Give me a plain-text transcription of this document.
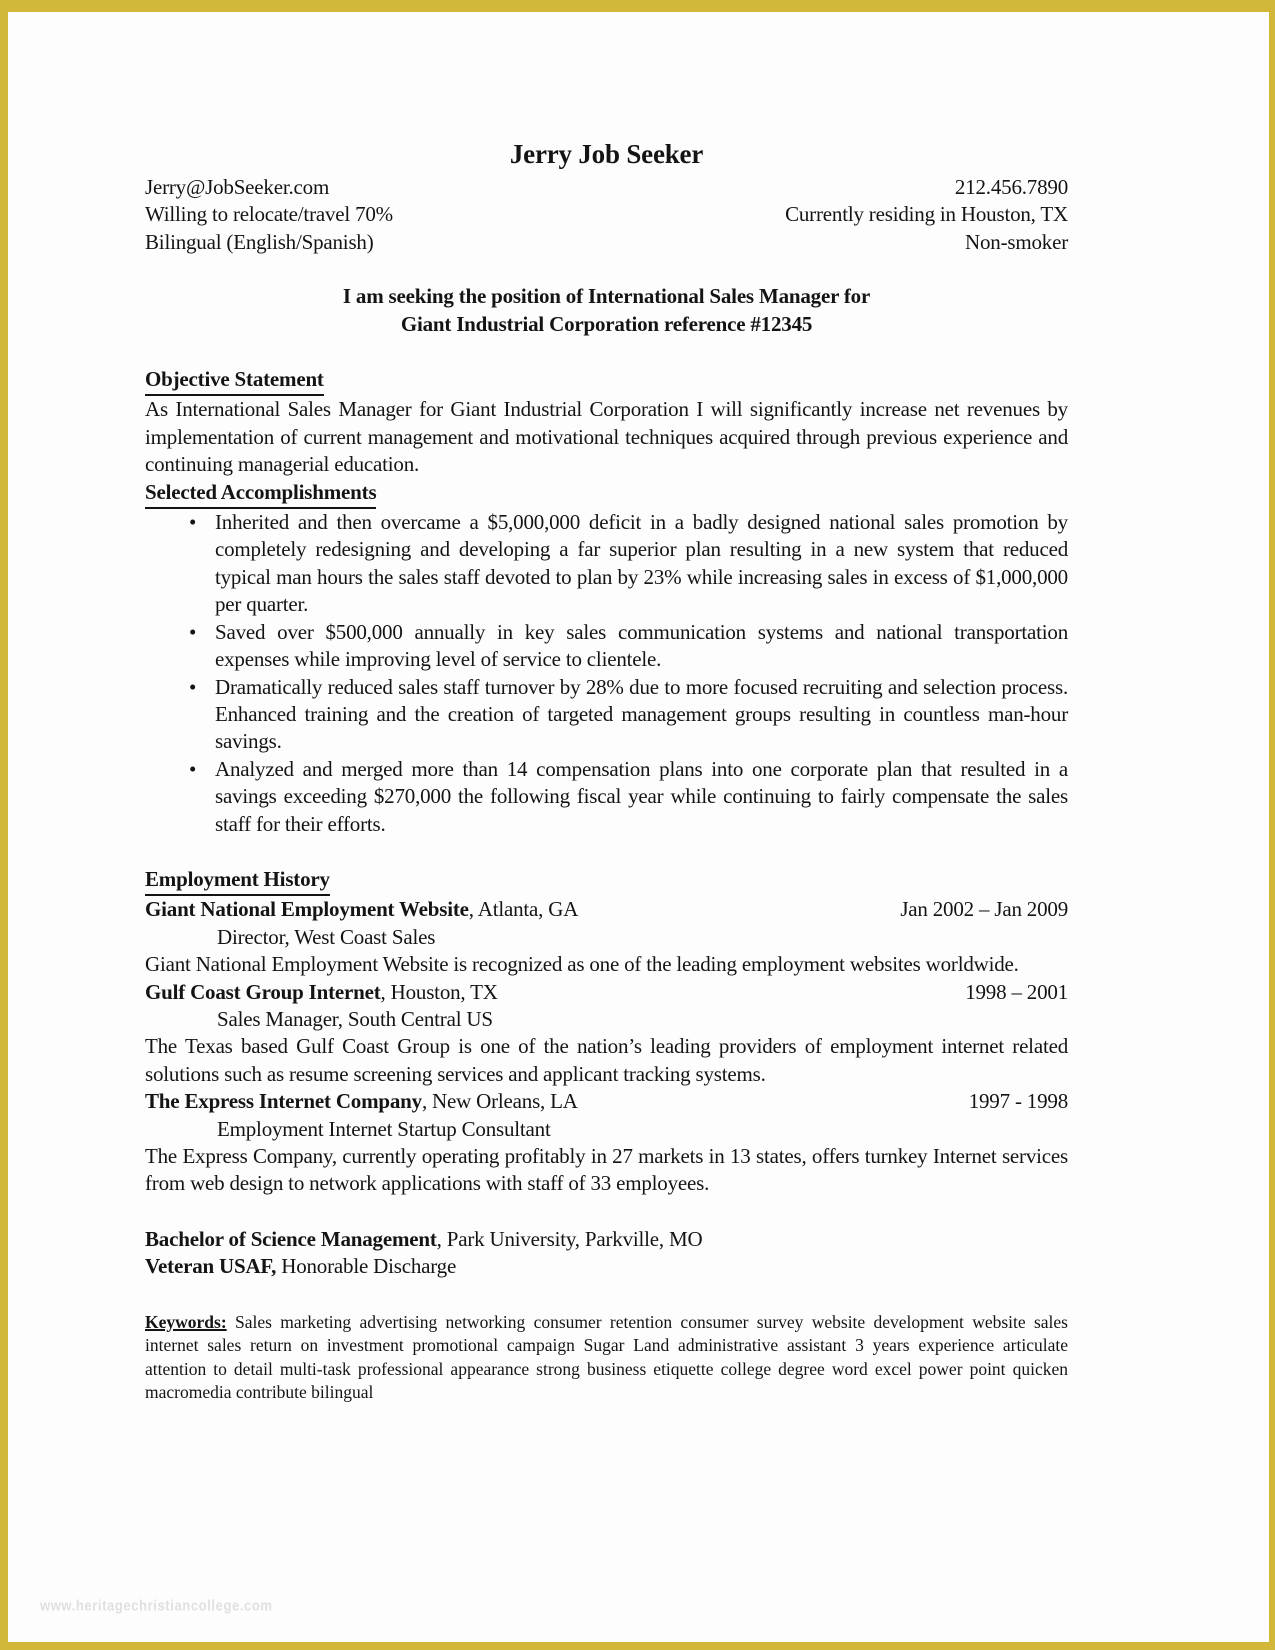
Jerry Job Seeker
Jerry@JobSeeker.com	212.456.7890
Willing to relocate/travel 70%	Currently residing in Houston, TX
Bilingual (English/Spanish)	Non-smoker
I am seeking the position of International Sales Manager for
Giant Industrial Corporation reference #12345
Objective Statement

As International Sales Manager for Giant Industrial Corporation I will significantly increase net revenues by implementation of current management and motivational techniques acquired through previous experience and continuing managerial education.

Selected Accomplishments
• Inherited and then overcame a $5,000,000 deficit in a badly designed national sales promotion by completely redesigning and developing a far superior plan resulting in a new system that reduced typical man hours the sales staff devoted to plan by 23% while increasing sales in excess of $1,000,000 per quarter.
• Saved over $500,000 annually in key sales communication systems and national transportation expenses while improving level of service to clientele.
• Dramatically reduced sales staff turnover by 28% due to more focused recruiting and selection process. Enhanced training and the creation of targeted management groups resulting in countless man-hour savings.
• Analyzed and merged more than 14 compensation plans into one corporate plan that resulted in a savings exceeding $270,000 the following fiscal year while continuing to fairly compensate the sales staff for their efforts.
Employment History
Giant National Employment Website, Atlanta, GA	Jan 2002 – Jan 2009
Director, West Coast Sales

Giant National Employment Website is recognized as one of the leading employment websites worldwide.

Gulf Coast Group Internet, Houston, TX	1998 – 2001
Sales Manager, South Central US

The Texas based Gulf Coast Group is one of the nation’s leading providers of employment internet related solutions such as resume screening services and applicant tracking systems.

The Express Internet Company, New Orleans, LA	1997 - 1998
Employment Internet Startup Consultant

The Express Company, currently operating profitably in 27 markets in 13 states, offers turnkey Internet services from web design to network applications with staff of 33 employees.

Bachelor of Science Management, Park University, Parkville, MO
Veteran USAF, Honorable Discharge

Keywords: Sales marketing advertising networking consumer retention consumer survey website development website sales internet sales return on investment promotional campaign Sugar Land administrative assistant 3 years experience articulate attention to detail multi-task professional appearance strong business etiquette college degree word excel power point quicken macromedia contribute bilingual

www.heritagechristiancollege.com
